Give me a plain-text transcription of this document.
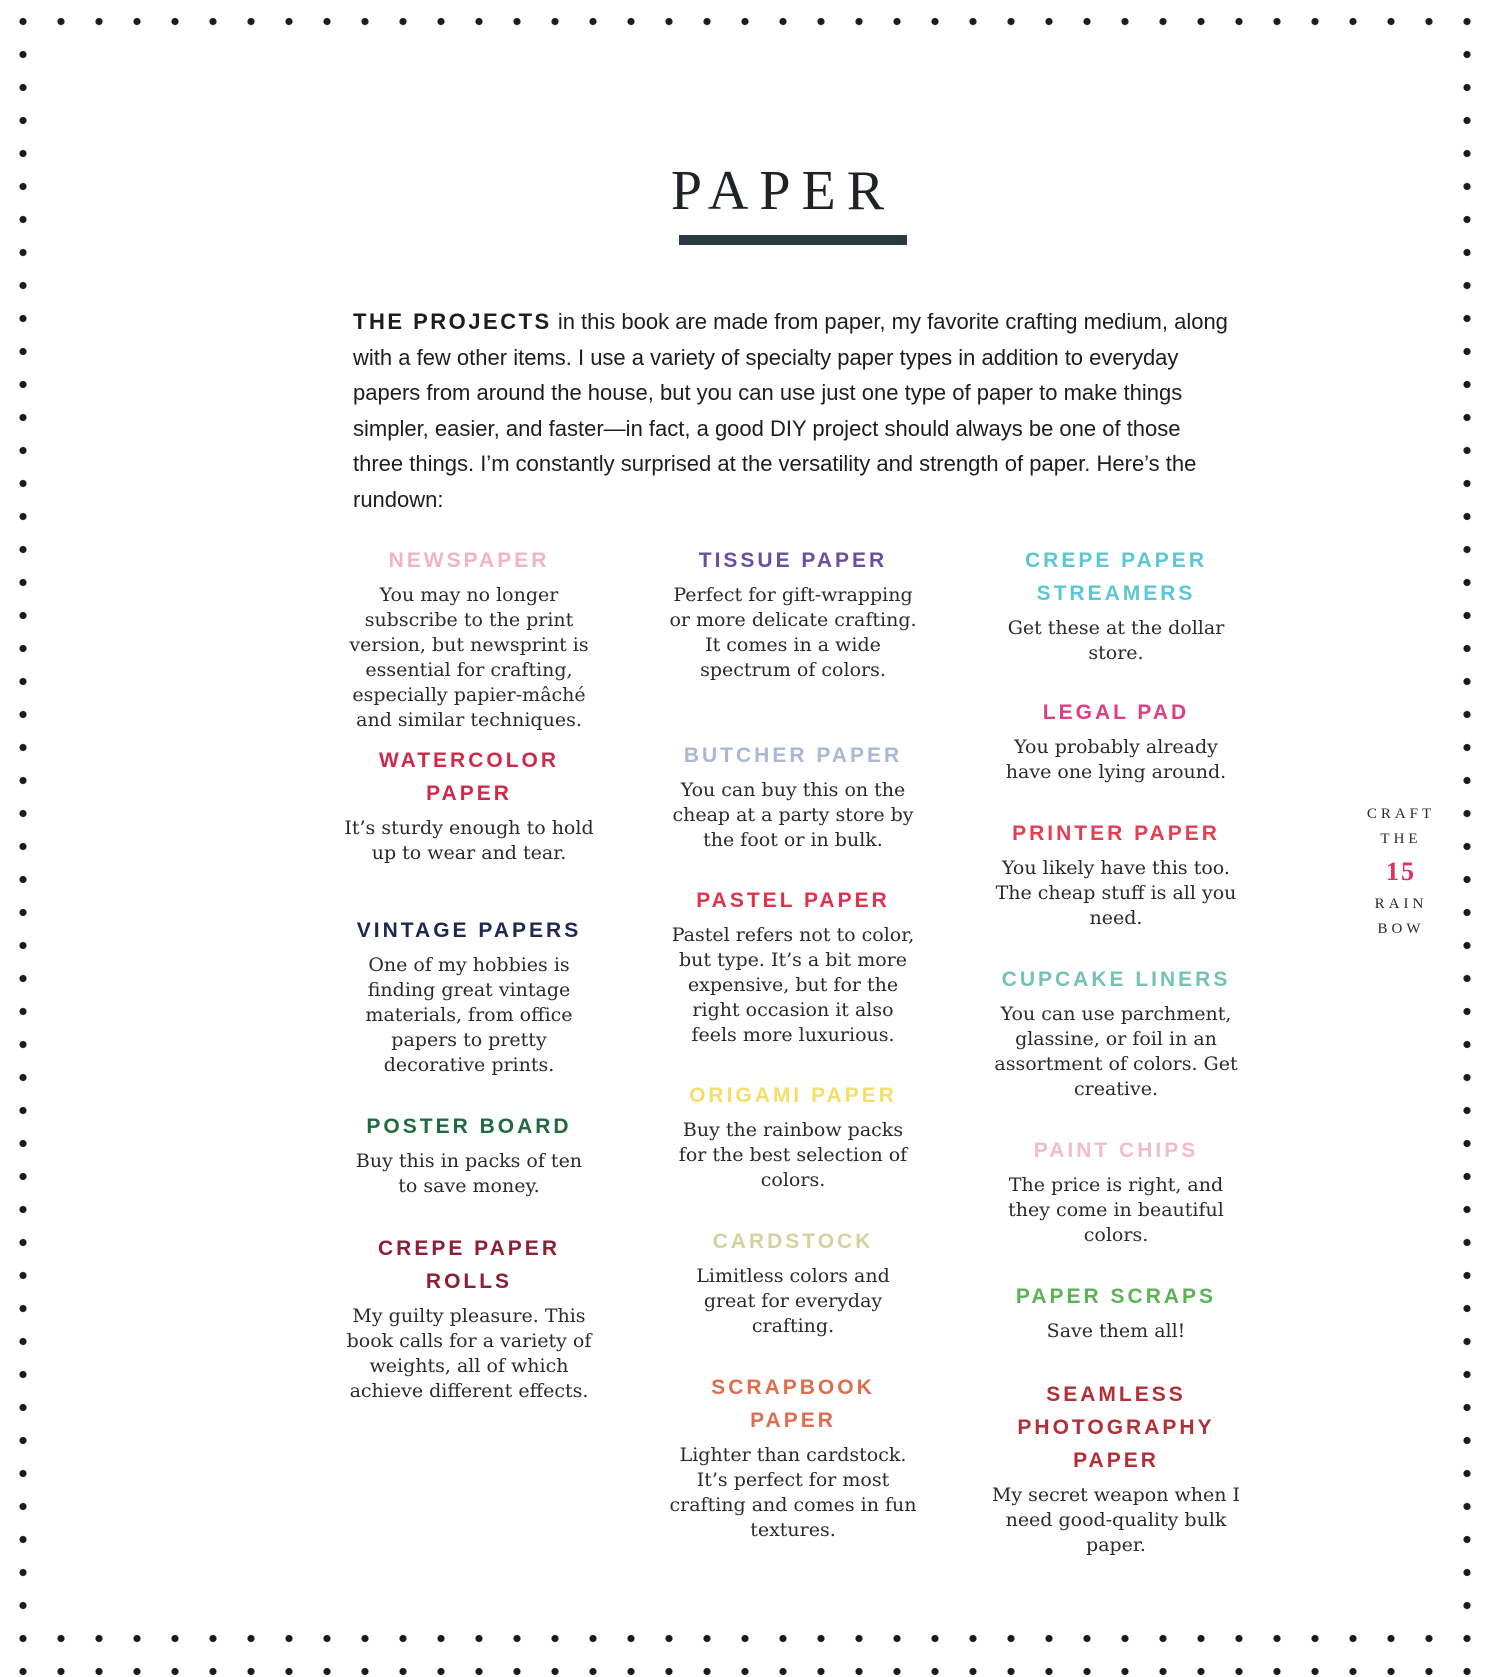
PAPER

THE PROJECTS in this book are made from paper, my favorite crafting medium, along with a few other items. I use a variety of specialty paper types in addition to everyday papers from around the house, but you can use just one type of paper to make things simpler, easier, and faster—in fact, a good DIY project should always be one of those three things. I’m constantly surprised at the versatility and strength of paper. Here’s the rundown:

NEWSPAPER

You may no longer subscribe to the print version, but newsprint is essential for crafting, especially papier-mâché and similar techniques.

WATERCOLOR PAPER

It’s sturdy enough to hold up to wear and tear.

VINTAGE PAPERS

One of my hobbies is finding great vintage materials, from office papers to pretty decorative prints.

POSTER BOARD

Buy this in packs of ten to save money.

CREPE PAPER ROLLS

My guilty pleasure. This book calls for a variety of weights, all of which achieve different effects.

TISSUE PAPER

Perfect for gift-wrapping or more delicate crafting. It comes in a wide spectrum of colors.

BUTCHER PAPER

You can buy this on the cheap at a party store by the foot or in bulk.

PASTEL PAPER

Pastel refers not to color, but type. It’s a bit more expensive, but for the right occasion it also feels more luxurious.

ORIGAMI PAPER

Buy the rainbow packs for the best selection of colors.

CARDSTOCK

Limitless colors and great for everyday crafting.

SCRAPBOOK PAPER

Lighter than cardstock. It’s perfect for most crafting and comes in fun textures.

CREPE PAPER STREAMERS

Get these at the dollar store.

LEGAL PAD

You probably already have one lying around.

PRINTER PAPER

You likely have this too. The cheap stuff is all you need.

CUPCAKE LINERS

You can use parchment, glassine, or foil in an assortment of colors. Get creative.

PAINT CHIPS

The price is right, and they come in beautiful colors.

PAPER SCRAPS

Save them all!

SEAMLESS PHOTOGRAPHY PAPER

My secret weapon when I need good-quality bulk paper.

CRAFT
THE
15
RAIN
BOW
